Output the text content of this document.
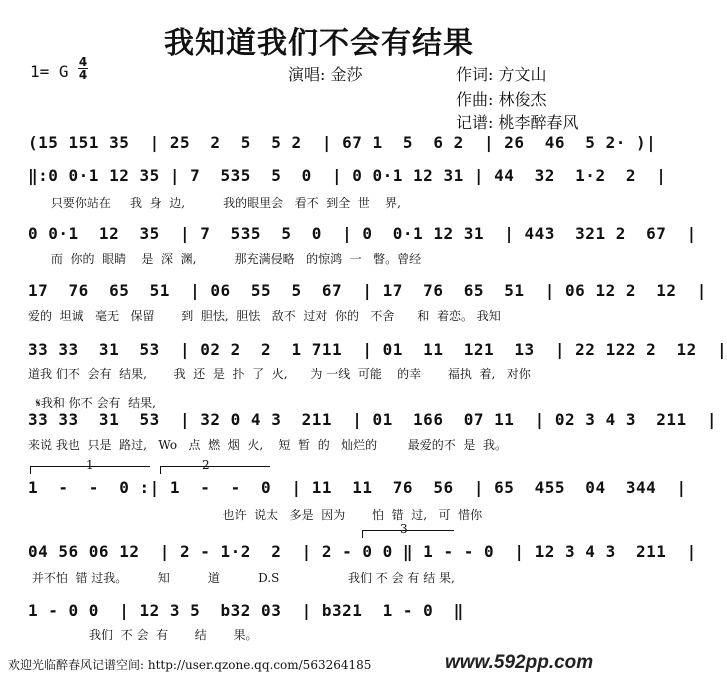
我知道我们不会有结果
1= G 4
4	演唱: 金莎	作词: 方文山
作曲: 林俊杰
记谱: 桃李醉春风
(15 151 35  | 25  2  5  5 2  | 67 1  5  6 2  | 26  46  5 2· )|
‖:0 0·1 12 35 | 7  535  5  0  | 0 0·1 12 31 | 44  32  1·2  2  |
只要你站在     我  身  边,          我的眼里会   看不  到全  世    界,
0 0·1  12  35  | 7  535  5  0  | 0  0·1 12 31  | 443  321 2  67  |
而  你的  眼睛    是  深  渊,          那充满侵略   的惊鸿  一   瞥。曾经
17  76  65  51  | 06  55  5  67  | 17  76  65  51  | 06 12 2  12  |
爱的  坦诚   毫无   保留       到  胆怯,  胆怯   敌不  过对  你的   不舍      和  着恋。 我知
33 33  31  53  | 02 2  2  1 711  | 01  11  121  13  | 22 122 2  12  |
道我 们不  会有  结果,       我  还  是  扑  了  火,      为 一线  可能    的幸       福执  着,   对你

𝄋我和 你不 会有  结果,

33 33  31  53  | 32 0 4 3  211  | 01  166  07 11  | 02 3 4 3  211  |
来说 我也  只是  路过,   Wo   点  燃  烟  火,    短  暂  的   灿烂的        最爱的不  是  我。
1	2
1  -  -  0 :| 1  -  -  0  | 11  11  76  56  | 65  455  04  344  |
也许  说太   多是  因为       怕  错  过,   可  惜你
3
04 56 06 12  | 2 - 1·2  2  | 2 - 0 0 ‖ 1 - - 0  | 12 3 4 3  211  |
并不怕  错 过我。        知          道          D.S                  我们 不 会 有 结 果,
1 - 0 0  | 12 3 5  b32 03  | b321  1 - 0  ‖
我们  不 会  有       结       果。
欢迎光临醉春风记谱空间: http://user.qzone.qq.com/563264185	www.592pp.com
